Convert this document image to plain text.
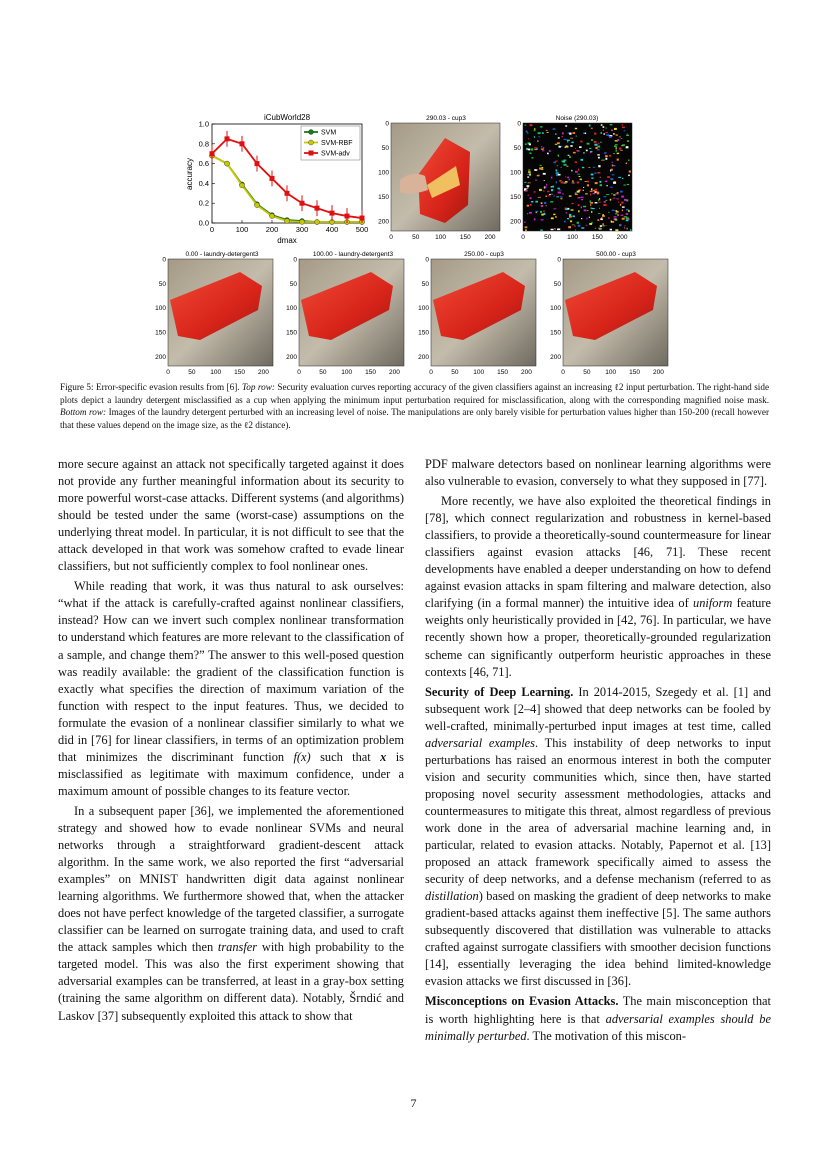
iCubWorld28
0	100 200 300 400 500
0.0
0.2
0.4
0.6
0.8
1.0
dmax
accuracy
SVM
SVM-RBF
SVM-adv
290.03 - cup3
0
50
100
150
200
0	50 100 150 200
Noise (290.03)
0
50
100
150
200
0	50 100 150 200
0.00 - laundry-detergent3
0
50
100
150
200
0	50 100 150 200
100.00 - laundry-detergent3
0
50
100
150
200
0	50 100 150 200
250.00 - cup3
0
50
100
150
200
0	50 100 150 200
500.00 - cup3
0
50
100
150
200
0	50 100 150 200
Figure 5: Error-specific evasion results from [6]. Top row: Security evaluation curves reporting accuracy of the given classifiers against an increasing ℓ2 input perturbation. The right-hand side plots depict a laundry detergent misclassified as a cup when applying the minimum input perturbation required for misclassification, along with the corresponding magnified noise mask. Bottom row: Images of the laundry detergent perturbed with an increasing level of noise. The manipulations are only barely visible for perturbation values higher than 150-200 (recall however that these values depend on the image size, as the ℓ2 distance).

more secure against an attack not specifically targeted against it does not provide any further meaningful information about its security to more powerful worst-case attacks. Different systems (and algorithms) should be tested under the same (worst-case) assumptions on the underlying threat model. In particular, it is not difficult to see that the attack developed in that work was somehow crafted to evade linear classifiers, but not sufficiently complex to fool nonlinear ones.

While reading that work, it was thus natural to ask ourselves: “what if the attack is carefully-crafted against nonlinear classifiers, instead? How can we invert such complex nonlinear transformation to understand which features are more relevant to the classification of a sample, and change them?” The answer to this well-posed question was readily available: the gradient of the classification function is exactly what specifies the direction of maximum variation of the function with respect to the input features. Thus, we decided to formulate the evasion of a nonlinear classifier similarly to what we did in [76] for linear classifiers, in terms of an optimization problem that minimizes the discriminant function f(x) such that x is misclassified as legitimate with maximum confidence, under a maximum amount of possible changes to its feature vector.

In a subsequent paper [36], we implemented the aforementioned strategy and showed how to evade nonlinear SVMs and neural networks through a straightforward gradient-descent attack algorithm. In the same work, we also reported the first “adversarial examples” on MNIST handwritten digit data against nonlinear learning algorithms. We furthermore showed that, when the attacker does not have perfect knowledge of the targeted classifier, a surrogate classifier can be learned on surrogate training data, and used to craft the attack samples which then transfer with high probability to the targeted model. This was also the first experiment showing that adversarial examples can be transferred, at least in a gray-box setting (training the same algorithm on different data). Notably, Šrndić and Laskov [37] subsequently exploited this attack to show that

PDF malware detectors based on nonlinear learning algorithms were also vulnerable to evasion, conversely to what they supposed in [77].

More recently, we have also exploited the theoretical findings in [78], which connect regularization and robustness in kernel-based classifiers, to provide a theoretically-sound countermeasure for linear classifiers against evasion attacks [46, 71]. These recent developments have enabled a deeper understanding on how to defend against evasion attacks in spam filtering and malware detection, also clarifying (in a formal manner) the intuitive idea of uniform feature weights only heuristically provided in [42, 76]. In particular, we have recently shown how a proper, theoretically-grounded regularization scheme can significantly outperform heuristic approaches in these contexts [46, 71].

Security of Deep Learning. In 2014-2015, Szegedy et al. [1] and subsequent work [2–4] showed that deep networks can be fooled by well-crafted, minimally-perturbed input images at test time, called adversarial examples. This instability of deep networks to input perturbations has raised an enormous interest in both the computer vision and security communities which, since then, have started proposing novel security assessment methodologies, attacks and countermeasures to mitigate this threat, almost regardless of previous work done in the area of adversarial machine learning and, in particular, related to evasion attacks. Notably, Papernot et al. [13] proposed an attack framework specifically aimed to assess the security of deep networks, and a defense mechanism (referred to as distillation) based on masking the gradient of deep networks to make gradient-based attacks against them ineffective [5]. The same authors subsequently discovered that distillation was vulnerable to attacks crafted against surrogate classifiers with smoother decision functions [14], essentially leveraging the idea behind limited-knowledge evasion attacks we first discussed in [36].

Misconceptions on Evasion Attacks. The main misconception that is worth highlighting here is that adversarial examples should be minimally perturbed. The motivation of this miscon-

7
